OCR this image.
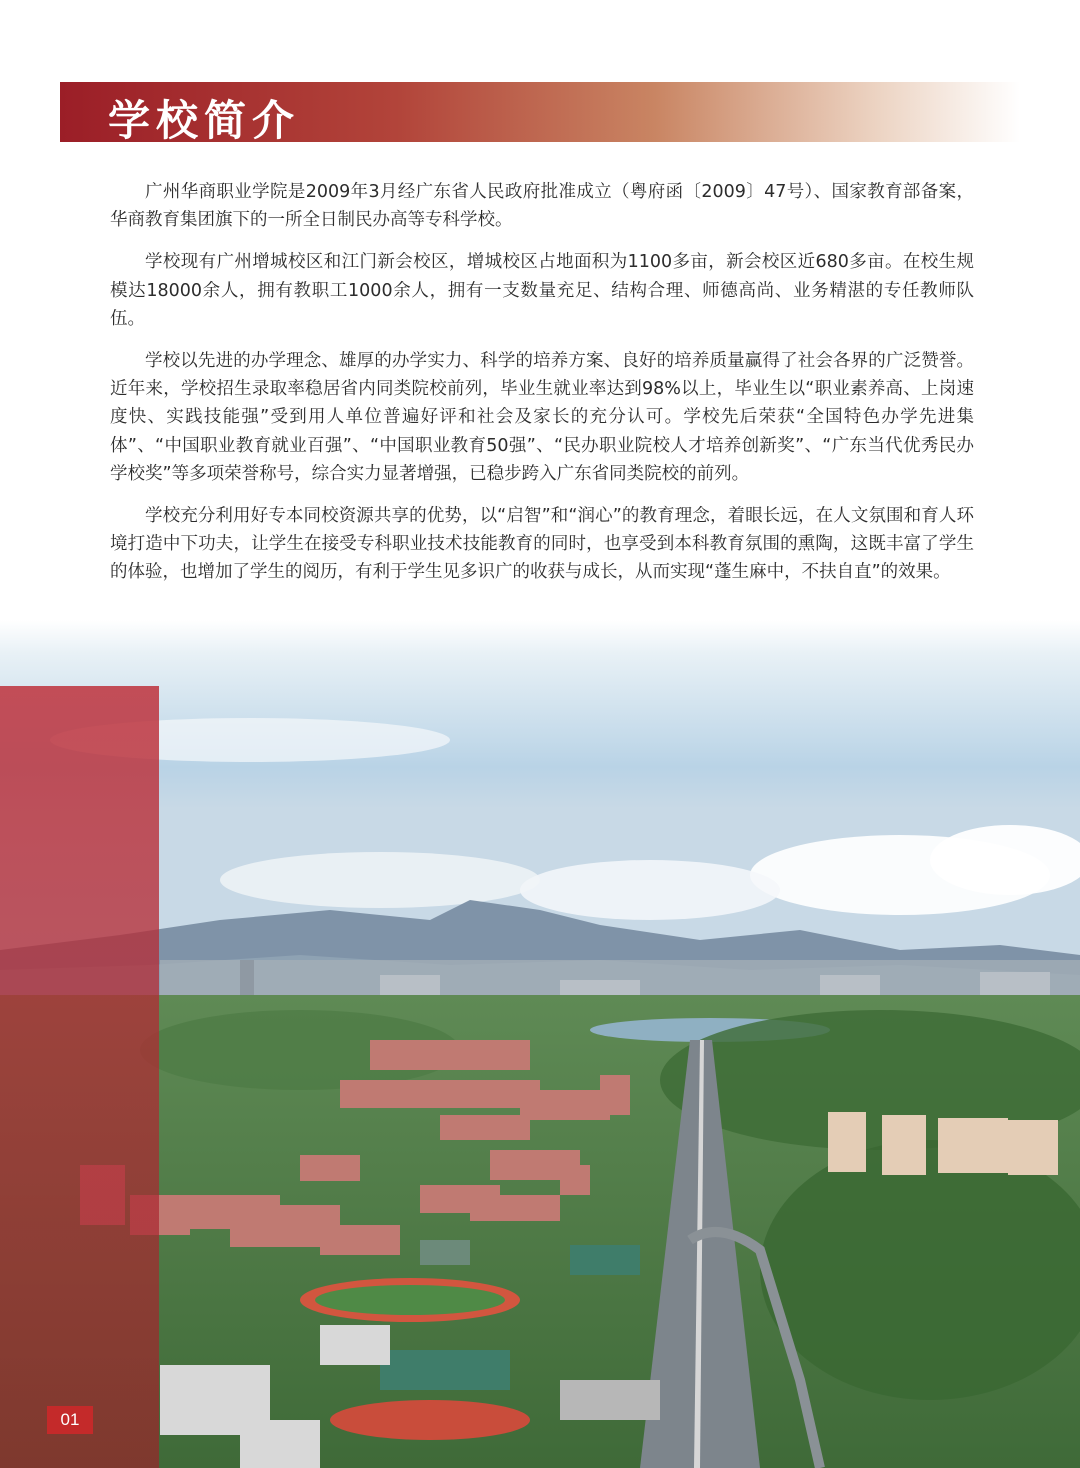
学校简介

广州华商职业学院是2009年3月经广东省人民政府批准成立（粤府函〔2009〕47号）、国家教育部备案，华商教育集团旗下的一所全日制民办高等专科学校。

学校现有广州增城校区和江门新会校区，增城校区占地面积为1100多亩，新会校区近680多亩。在校生规模达18000余人，拥有教职工1000余人，拥有一支数量充足、结构合理、师德高尚、业务精湛的专任教师队伍。

学校以先进的办学理念、雄厚的办学实力、科学的培养方案、良好的培养质量赢得了社会各界的广泛赞誉。近年来，学校招生录取率稳居省内同类院校前列，毕业生就业率达到98%以上，毕业生以“职业素养高、上岗速度快、实践技能强”受到用人单位普遍好评和社会及家长的充分认可。学校先后荣获“全国特色办学先进集体”、“中国职业教育就业百强”、“中国职业教育50强”、“民办职业院校人才培养创新奖”、“广东当代优秀民办学校奖”等多项荣誉称号，综合实力显著增强，已稳步跨入广东省同类院校的前列。

学校充分利用好专本同校资源共享的优势，以“启智”和“润心”的教育理念，着眼长远，在人文氛围和育人环境打造中下功夫，让学生在接受专科职业技术技能教育的同时，也享受到本科教育氛围的熏陶，这既丰富了学生的体验，也增加了学生的阅历，有利于学生见多识广的收获与成长，从而实现“蓬生麻中，不扶自直”的效果。

01
